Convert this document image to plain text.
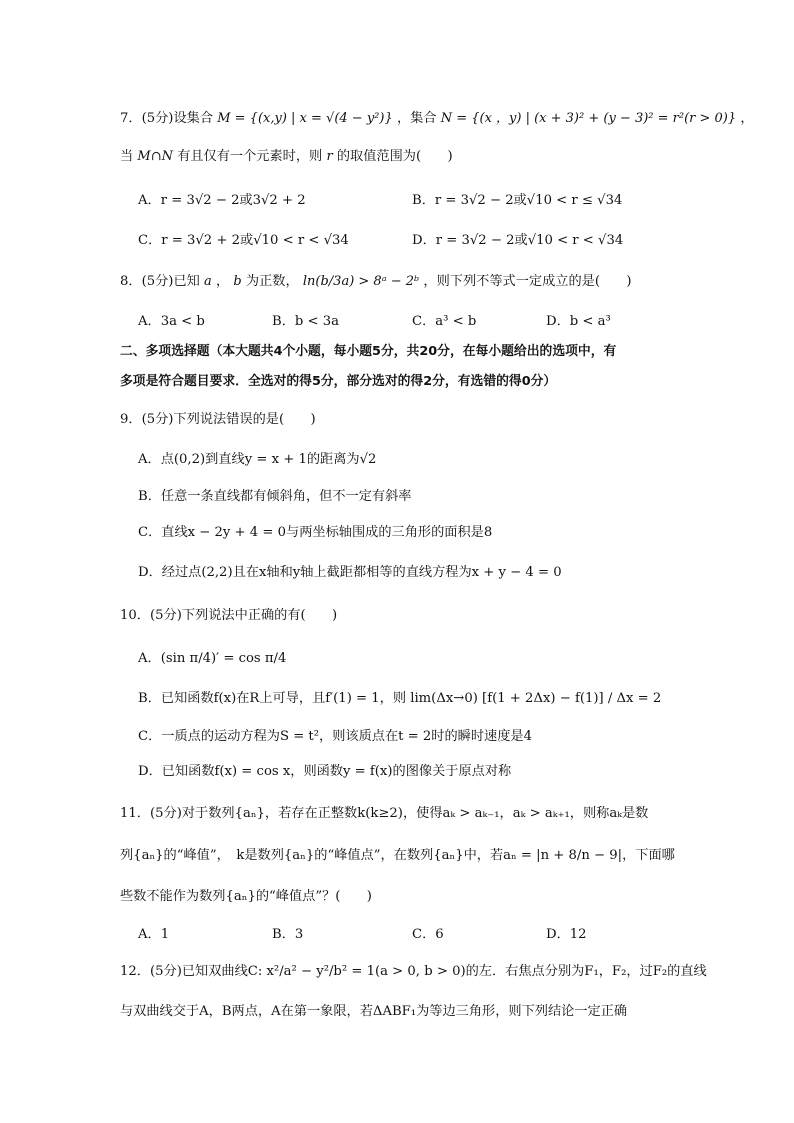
7．(5分)设集合 M = {(x,y) | x = √(4 − y²)} ，集合 N = {(x ，y) | (x + 3)² + (y − 3)² = r²(r > 0)} ，
当 M∩N 有且仅有一个元素时，则 r 的取值范围为(　　)
A．r = 3√2 − 2或3√2 + 2	B．r = 3√2 − 2或√10 < r ≤ √34
C．r = 3√2 + 2或√10 < r < √34	D．r = 3√2 − 2或√10 < r < √34
8．(5分)已知 a ， b 为正数， ln(b/3a) > 8ᵃ − 2ᵇ ，则下列不等式一定成立的是(　　)
A．3a < b	B．b < 3a	C．a³ < b	D．b < a³
二、多项选择题（本大题共4个小题，每小题5分，共20分，在每小题给出的选项中，有
多项是符合题目要求．全选对的得5分，部分选对的得2分，有选错的得0分）
9．(5分)下列说法错误的是(　　)
A．点(0,2)到直线y = x + 1的距离为√2
B．任意一条直线都有倾斜角，但不一定有斜率
C．直线x − 2y + 4 = 0与两坐标轴围成的三角形的面积是8
D．经过点(2,2)且在x轴和y轴上截距都相等的直线方程为x + y − 4 = 0
10．(5分)下列说法中正确的有(　　)
A．(sin π/4)′ = cos π/4
B．已知函数f(x)在R上可导，且f′(1) = 1，则 lim(Δx→0) [f(1 + 2Δx) − f(1)] / Δx = 2
C．一质点的运动方程为S = t²，则该质点在t = 2时的瞬时速度是4
D．已知函数f(x) = cos x，则函数y = f(x)的图像关于原点对称
11．(5分)对于数列{aₙ}，若存在正整数k(k≥2)，使得aₖ > aₖ₋₁，aₖ > aₖ₊₁，则称aₖ是数
列{aₙ}的“峰值”，　k是数列{aₙ}的“峰值点”，在数列{aₙ}中，若aₙ = |n + 8/n − 9|，下面哪
些数不能作为数列{aₙ}的“峰值点”？(　　)
A．1	B．3	C．6	D．12
12．(5分)已知双曲线C: x²/a² − y²/b² = 1(a > 0, b > 0)的左．右焦点分别为F₁，F₂，过F₂的直线
与双曲线交于A，B两点，A在第一象限，若ΔABF₁为等边三角形，则下列结论一定正确
